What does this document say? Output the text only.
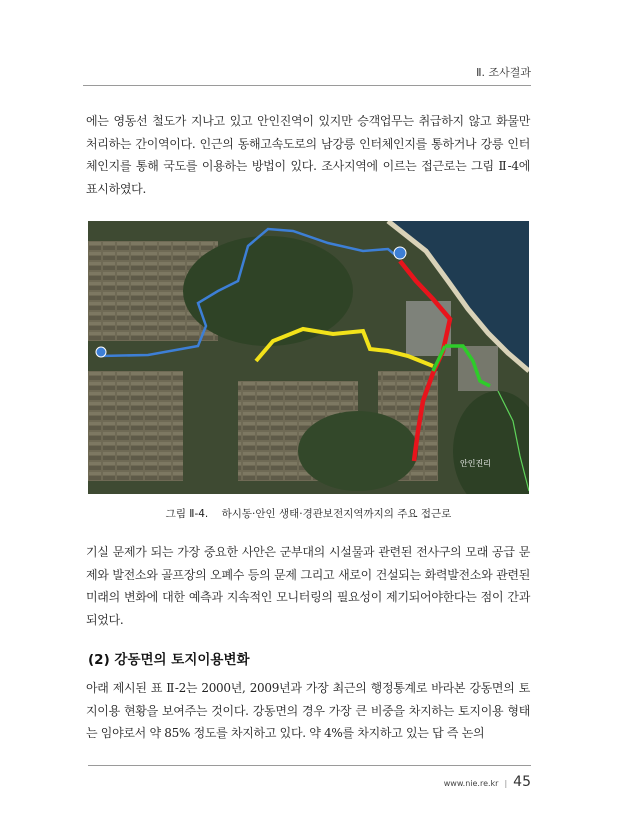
Ⅱ. 조사결과

에는 영동선 철도가 지나고 있고 안인진역이 있지만 승객업무는 취급하지 않고 화물만 처리하는 간이역이다. 인근의 동해고속도로의 남강릉 인터체인지를 통하거나 강릉 인터체인지를 통해 국도를 이용하는 방법이 있다. 조사지역에 이르는 접근로는 그림 Ⅱ-4에 표시하였다.

안인진리
그림 Ⅱ-4. 하시동·안인 생태·경관보전지역까지의 주요 접근로

기실 문제가 되는 가장 중요한 사안은 군부대의 시설물과 관련된 전사구의 모래 공급 문제와 발전소와 골프장의 오폐수 등의 문제 그리고 새로이 건설되는 화력발전소와 관련된 미래의 변화에 대한 예측과 지속적인 모니터링의 필요성이 제기되어야한다는 점이 간과되었다.

(2) 강동면의 토지이용변화

아래 제시된 표 Ⅱ-2는 2000년, 2009년과 가장 최근의 행정통계로 바라본 강동면의 토지이용 현황을 보여주는 것이다. 강동면의 경우 가장 큰 비중을 차지하는 토지이용 형태는 임야로서 약 85% 정도를 차지하고 있다. 약 4%를 차지하고 있는 답 즉 논의

www.nie.re.kr | 45
